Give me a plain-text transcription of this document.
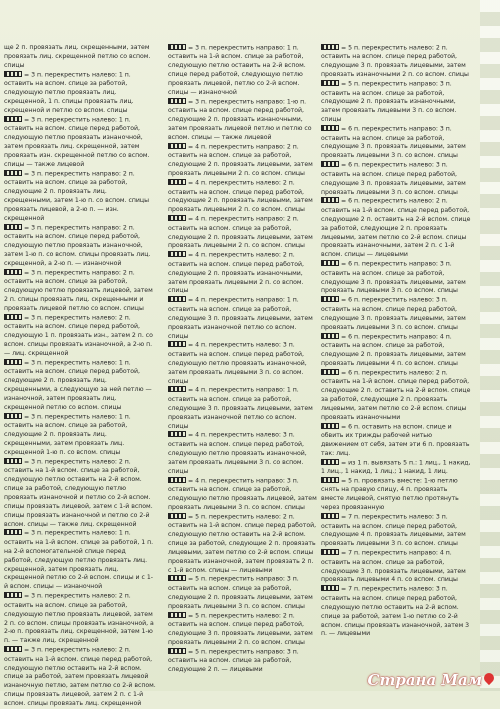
ще 2 п. провязать лиц. скрещенными, затем провязать лиц. скрещенной петлю со вспом. спицы
= 3 п. перекрестить налево: 1 п. оставить на вспом. спице за работой, следующую петлю провязать лиц. скрещенной, 1 п. спицы провязать лиц. скрещенной и петлю со вспом. спицы
= 3 п. перекрестить налево: 1 п. оставить на вспом. спице перед работой, следующую петлю провязать изнаночной, затем провязать лиц. скрещенной, затем провязать изн. скрещенной петлю со вспом. спицы — также лицевой
= 3 п. перекрестить направо: 2 п. оставить на вспом. спице за работой, следующие 2 п. провязать лиц. скрещенными, затем 1-ю п. со вспом. спицы провязать лицевой, а 2-ю п. — изн. скрещенной
= 3 п. перекрестить направо: 2 п. оставить на вспом. спице перед работой, следующую петлю провязать изнаночной, затем 1-ю п. со вспом. спицы провязать лиц. скрещенной, а 2-ю п. — изнаночной
= 3 п. перекрестить направо: 2 п. оставить на вспом. спице за работой, следующую петлю провязать лицевой, затем 2 п. спицы провязать лиц. скрещенными и провязать лицевой петлю со вспом. спицы
= 3 п. перекрестить налево: 2 п. оставить на вспом. спице перед работой, следующую 1 п. провязать изн., затем 2 п. со вспом. спицы провязать изнаночной, а 2-ю п. — лиц. скрещенной
= 3 п. перекрестить налево: 1 п. оставить на вспом. спице перед работой, следующие 2 п. провязать лиц. скрещенными, а следующую за ней петлю — изнаночной, затем провязать лиц. скрещенной петлю со вспом. спицы
= 3 п. перекрестить налево: 1 п. оставить на вспом. спице за работой, следующие 2 п. провязать лиц. скрещенными, затем провязать лиц. скрещенной 1-ю п. со вспом. спицы
= 3 п. перекрестить налево: 2 п. оставить на 1-й вспом. спице за работой, следующую петлю оставить на 2-й вспом. спице за работой, следующую петлю провязать изнаночной и петлю со 2-й вспом. спицы провязать лицевой, затем с 1-й вспом. спицы провязать изнаночной и петлю со 2-й вспом. спицы — также лиц. скрещенной
= 3 п. перекрестить налево: 1 п. оставить на 1-й вспом. спице за работой, 1 п. на 2-й вспомогательной спице перед работой, следующую петлю провязать лиц. скрещенной, затем провязать лиц. скрещенной петлю со 2-й вспом. спицы и с 1-й вспом. спицы — изнаночной
= 3 п. перекрестить налево: 2 п. оставить на вспом. спице за работой, следующую петлю провязать лицевой, затем 2 п. со вспом. спицы провязать изнаночной, а 2-ю п. провязать лиц. скрещенной, затем 1-ю п. — также лиц. скрещенной
= 3 п. перекрестить налево: 2 п. оставить на 1-й вспом. спице перед работой, следующую петлю оставить на 2-й вспом. спице за работой, затем провязать лицевой изнаночную петлю, затем петлю со 2-й вспом. спицы провязать лицевой, затем 2 п. с 1-й вспом. спицы провязать лиц. скрещенной
= 3 п. перекрестить направо: 1 п. оставить на 1-й вспом. спице за работой, следующую петлю оставить на 2-й вспом. спице перед работой, следующую петлю провязать лицевой, петлю со 2-й вспом. спицы — изнаночной
= 3 п. перекрестить направо: 1-ю п. оставить на вспом. спице перед работой, следующие 2 п. провязать изнаночными, затем провязать лицевой петлю и петлю со вспом. спицы — также лицевой
= 4 п. перекрестить направо: 2 п. оставить на вспом. спице за работой, следующие 2 п. провязать лицевыми, затем провязать лицевыми 2 п. со вспом. спицы
= 4 п. перекрестить налево: 2 п. оставить на вспом. спице перед работой, следующие 2 п. провязать лицевыми, затем провязать лицевыми 2 п. со вспом. спицы
= 4 п. перекрестить направо: 2 п. оставить на вспом. спице за работой, следующие 2 п. провязать лицевыми, затем провязать лицевыми 2 п. со вспом. спицы
= 4 п. перекрестить налево: 2 п. оставить на вспом. спице перед работой, следующие 2 п. провязать изнаночными, затем провязать лицевыми 2 п. со вспом. спицы
= 4 п. перекрестить направо: 1 п. оставить на вспом. спице за работой, следующие 3 п. провязать лицевыми, затем провязать изнаночной петлю со вспом. спицы
= 4 п. перекрестить налево: 3 п. оставить на вспом. спице перед работой, следующую петлю провязать изнаночной, затем провязать лицевыми 3 п. со вспом. спицы
= 4 п. перекрестить направо: 1 п. оставить на вспом. спице за работой, следующие 3 п. провязать лицевыми, затем провязать изнаночной петлю со вспом. спицы
= 4 п. перекрестить налево: 3 п. оставить на вспом. спице перед работой, следующую петлю провязать изнаночной, затем провязать лицевыми 3 п. со вспом. спицы
= 4 п. перекрестить направо: 3 п. оставить на вспом. спице за работой, следующую петлю провязать лицевой, затем провязать лицевыми 3 п. со вспом. спицы
= 5 п. перекрестить налево: 2 п. оставить на 1-й вспом. спице перед работой, следующую петлю оставить на 2-й вспом. спице за работой, следующие 2 п. провязать лицевыми, затем петлю со 2-й вспом. спицы провязать изнаночной, затем провязать 2 п. с 1-й вспом. спицы — лицевыми
= 5 п. перекрестить направо: 3 п. оставить на вспом. спице за работой, следующие 2 п. провязать лицевыми, затем провязать лицевыми 3 п. со вспом. спицы
= 5 п. перекрестить налево: 2 п. оставить на вспом. спице перед работой, следующие 3 п. провязать лицевыми, затем провязать лицевыми 2 п. со вспом. спицы
= 5 п. перекрестить направо: 3 п. оставить на вспом. спице за работой, следующие 2 п. — лицевыми
= 5 п. перекрестить налево: 2 п. оставить на вспом. спице перед работой, следующие 3 п. провязать лицевыми, затем провязать изнаночными 2 п. со вспом. спицы
= 5 п. перекрестить направо: 3 п. оставить на вспом. спице за работой, следующие 2 п. провязать изнаночными, затем провязать лицевыми 3 п. со вспом. спицы
= 6 п. перекрестить направо: 3 п. оставить на вспом. спице за работой, следующие 3 п. провязать лицевыми, затем провязать лицевыми 3 п. со вспом. спицы
= 6 п. перекрестить налево: 3 п. оставить на вспом. спице перед работой, следующие 3 п. провязать лицевыми, затем провязать лицевыми 3 п. со вспом. спицы
= 6 п. перекрестить налево: 2 п. оставить на 1-й вспом. спице перед работой, следующие 2 п. оставить на 2-й вспом. спице за работой, следующие 2 п. провязать лицевыми, затем петлю со 2-й вспом. спицы провязать изнаночными, затем 2 п. с 1-й вспом. спицы — лицевыми
= 6 п. перекрестить направо: 3 п. оставить на вспом. спице за работой, следующие 3 п. провязать лицевыми, затем провязать лицевыми 3 п. со вспом. спицы
= 6 п. перекрестить налево: 3 п. оставить на вспом. спице перед работой, следующие 3 п. провязать лицевыми, затем провязать лицевыми 3 п. со вспом. спицы
= 6 п. перекрестить направо: 4 п. оставить на вспом. спице за работой, следующие 2 п. провязать лицевыми, затем провязать лицевыми 4 п. со вспом. спицы
= 6 п. перекрестить налево: 2 п. оставить на 1-й вспом. спице перед работой, следующие 2 п. оставить на 2-й вспом. спице за работой, следующие 2 п. провязать лицевыми, затем петлю со 2-й вспом. спицы провязать изнаночными
= 6 п. оставить на вспом. спице и обвить их трижды рабочей нитью движением от себя, затем эти 6 п. провязать так: лиц.
= из 1 п. вывязать 5 п.: 1 лиц., 1 накид, 1 лиц., 1 накид, 1 лиц.; 1 накид, 1 лиц.
= 5 п. провязать вместе: 1-ю петлю снять на правую спицу, 4 п. провязать вместе лицевой, снятую петлю протянуть через провязанную
= 7 п. перекрестить налево: 3 п. оставить на вспом. спице перед работой, следующие 4 п. провязать лицевыми, затем провязать лицевыми 3 п. со вспом. спицы
= 7 п. перекрестить направо: 4 п. оставить на вспом. спице за работой, следующие 3 п. провязать лицевыми, затем провязать лицевыми 4 п. со вспом. спицы
= 7 п. перекрестить налево: 3 п. оставить на вспом. спице перед работой, следующую петлю оставить на 2-й вспом. спице за работой, затем 1-ю петлю со 2-й вспом. спицы провязать изнаночной, затем 3 п. — лицевыми
Страна Мам
